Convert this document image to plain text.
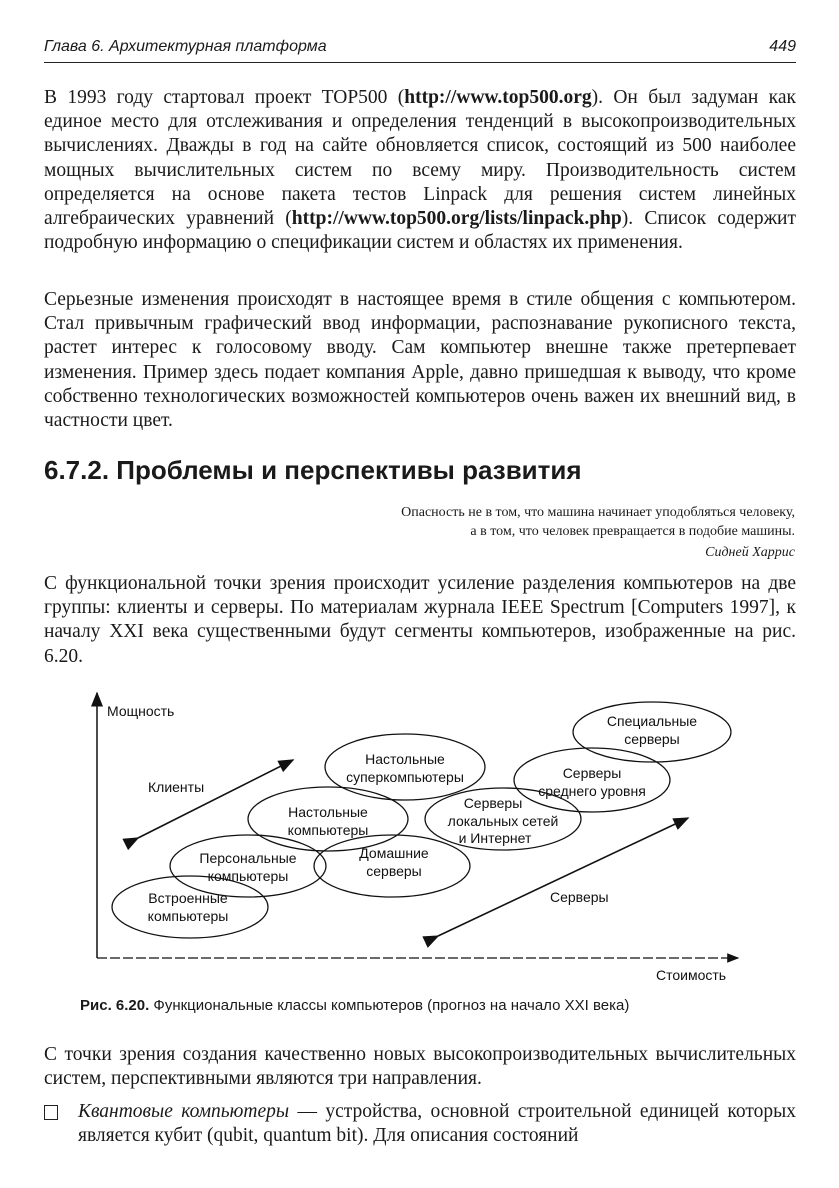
Глава 6. Архитектурная платформа	449
В 1993 году стартовал проект TOP500 (http://www.top500.org). Он был задуман как единое место для отслеживания и определения тенденций в высокопроизводительных вычислениях. Дважды в год на сайте обновляется список, состоящий из 500 наиболее мощных вычислительных систем по всему миру. Производительность систем определяется на основе пакета тестов Linpack для решения систем линейных алгебраических уравнений (http://www.top500.org/lists/linpack.php). Список содержит подробную информацию о спецификации систем и областях их применения.
Серьезные изменения происходят в настоящее время в стиле общения с компьютером. Стал привычным графический ввод информации, распознавание рукописного текста, растет интерес к голосовому вводу. Сам компьютер внешне также претерпевает изменения. Пример здесь подает компания Apple, давно пришедшая к выводу, что кроме собственно технологических возможностей компьютеров очень важен их внешний вид, в частности цвет.
6.7.2. Проблемы и перспективы развития
Опасность не в том, что машина начинает уподобляться человеку,
а в том, что человек превращается в подобие машины.
Сидней Харрис
С функциональной точки зрения происходит усиление разделения компьютеров на две группы: клиенты и серверы. По материалам журнала IEEE Spectrum [Computers 1997], к началу XXI века существенными будут сегменты компьютеров, изображенные на рис. 6.20.
Мощность
Стоимость
Клиенты
Серверы
Специальные
серверы
Настольные
суперкомпьютеры	Серверы
среднего уровня
Настольные
компьютеры
Серверы
локальных сетей
и Интернет
Персональные
компьютеры
Домашние
серверы
Встроенные
компьютеры
Рис. 6.20. Функциональные классы компьютеров (прогноз на начало XXI века)
С точки зрения создания качественно новых высокопроизводительных вычислительных систем, перспективными являются три направления.
Квантовые компьютеры — устройства, основной строительной единицей которых является кубит (qubit, quantum bit). Для описания состояний
